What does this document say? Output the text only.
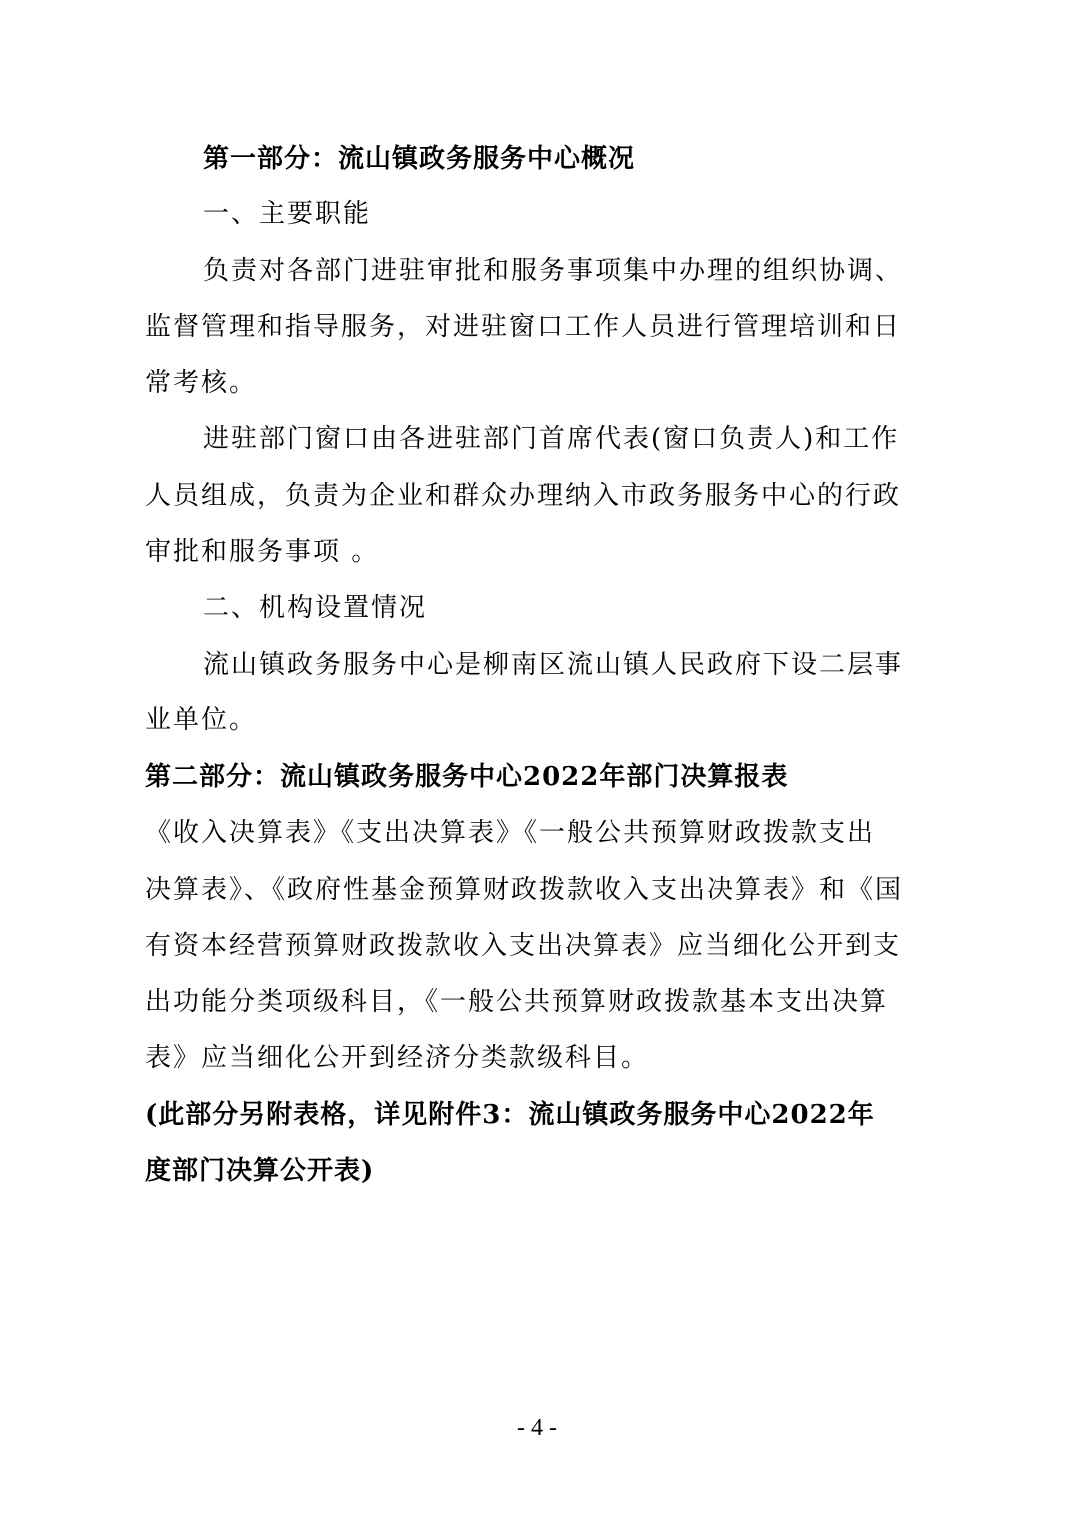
第一部分：流山镇政务服务中心概况
一、主要职能
负责对各部门进驻审批和服务事项集中办理的组织协调、
监督管理和指导服务，对进驻窗口工作人员进行管理培训和日
常考核。
进驻部门窗口由各进驻部门首席代表(窗口负责人)和工作
人员组成，负责为企业和群众办理纳入市政务服务中心的行政
审批和服务事项 。
二、机构设置情况
流山镇政务服务中心是柳南区流山镇人民政府下设二层事
业单位。
第二部分：流山镇政务服务中心2022年部门决算报表
《收入决算表》《支出决算表》《一般公共预算财政拨款支出
决算表》、《政府性基金预算财政拨款收入支出决算表》和《国
有资本经营预算财政拨款收入支出决算表》应当细化公开到支
出功能分类项级科目，《一般公共预算财政拨款基本支出决算
表》应当细化公开到经济分类款级科目。
(此部分另附表格，详见附件3：流山镇政务服务中心2022年
度部门决算公开表)
- 4 -
